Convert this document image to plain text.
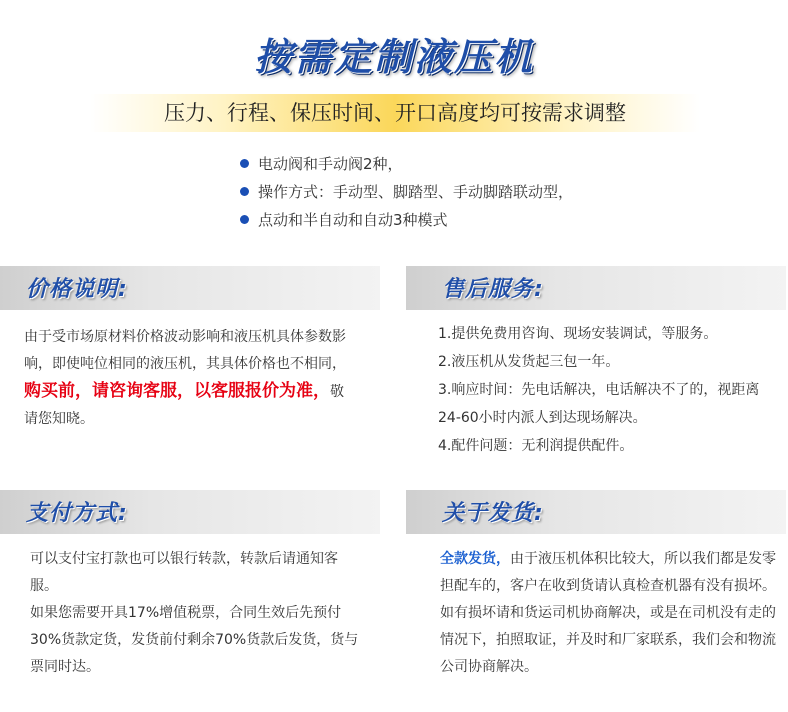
按需定制液压机
压力、行程、保压时间、开口高度均可按需求调整
电动阀和手动阀2种，
操作方式：手动型、脚踏型、手动脚踏联动型，
点动和半自动和自动3种模式
价格说明:

由于受市场原材料价格波动影响和液压机具体参数影响，即使吨位相同的液压机，其具体价格也不相同，购买前，请咨询客服，以客服报价为准，敬请您知晓。

售后服务:

1.提供免费用咨询、现场安装调试，等服务。

2.液压机从发货起三包一年。

3.响应时间：先电话解决，电话解决不了的，视距离24-60小时内派人到达现场解决。

4.配件问题：无利润提供配件。

支付方式:

可以支付宝打款也可以银行转款，转款后请通知客服。

如果您需要开具17%增值税票，合同生效后先预付30%货款定货，发货前付剩余70%货款后发货，货与票同时达。

关于发货:

全款发货，由于液压机体积比较大，所以我们都是发零担配车的，客户在收到货请认真检查机器有没有损坏。

如有损坏请和货运司机协商解决，或是在司机没有走的情况下，拍照取证，并及时和厂家联系，我们会和物流公司协商解决。
